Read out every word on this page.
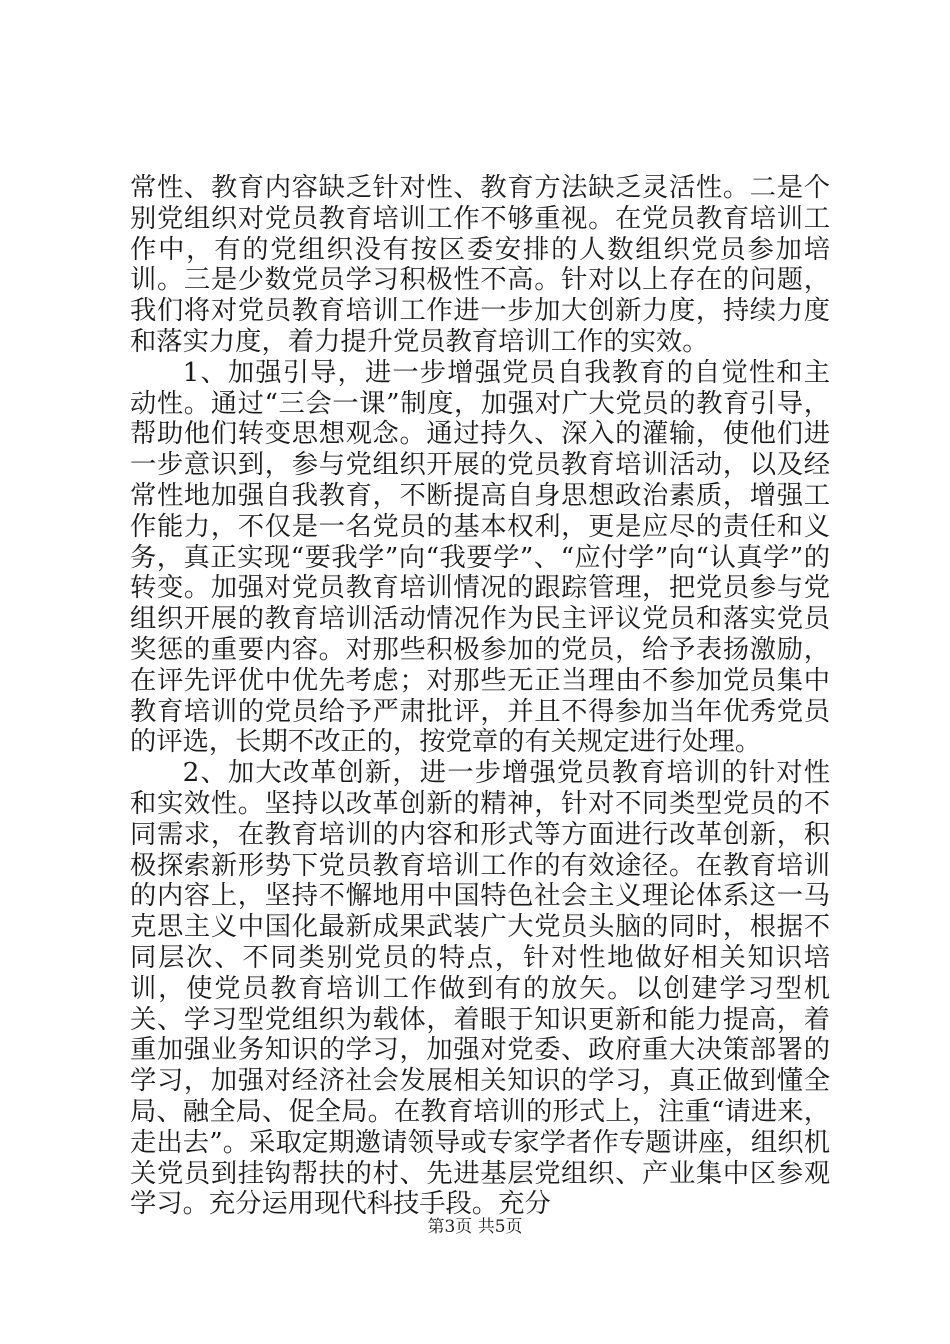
常性、教育内容缺乏针对性、教育方法缺乏灵活性。二是个别党组织对党员教育培训工作不够重视。在党员教育培训工作中，有的党组织没有按区委安排的人数组织党员参加培训。三是少数党员学习积极性不高。针对以上存在的问题，我们将对党员教育培训工作进一步加大创新力度，持续力度和落实力度，着力提升党员教育培训工作的实效。

1、加强引导，进一步增强党员自我教育的自觉性和主动性。通过“三会一课”制度，加强对广大党员的教育引导，帮助他们转变思想观念。通过持久、深入的灌输，使他们进一步意识到，参与党组织开展的党员教育培训活动，以及经常性地加强自我教育，不断提高自身思想政治素质，增强工作能力，不仅是一名党员的基本权利，更是应尽的责任和义务，真正实现“要我学”向“我要学”、“应付学”向“认真学”的转变。加强对党员教育培训情况的跟踪管理，把党员参与党组织开展的教育培训活动情况作为民主评议党员和落实党员奖惩的重要内容。对那些积极参加的党员，给予表扬激励，在评先评优中优先考虑；对那些无正当理由不参加党员集中教育培训的党员给予严肃批评，并且不得参加当年优秀党员的评选，长期不改正的，按党章的有关规定进行处理。

2、加大改革创新，进一步增强党员教育培训的针对性和实效性。坚持以改革创新的精神，针对不同类型党员的不同需求，在教育培训的内容和形式等方面进行改革创新，积极探索新形势下党员教育培训工作的有效途径。在教育培训的内容上，坚持不懈地用中国特色社会主义理论体系这一马克思主义中国化最新成果武装广大党员头脑的同时，根据不同层次、不同类别党员的特点，针对性地做好相关知识培训，使党员教育培训工作做到有的放矢。以创建学习型机关、学习型党组织为载体，着眼于知识更新和能力提高，着重加强业务知识的学习，加强对党委、政府重大决策部署的学习，加强对经济社会发展相关知识的学习，真正做到懂全局、融全局、促全局。在教育培训的形式上，注重“请进来，走出去”。采取定期邀请领导或专家学者作专题讲座，组织机关党员到挂钩帮扶的村、先进基层党组织、产业集中区参观学习。充分运用现代科技手段。充分

第3页 共5页
